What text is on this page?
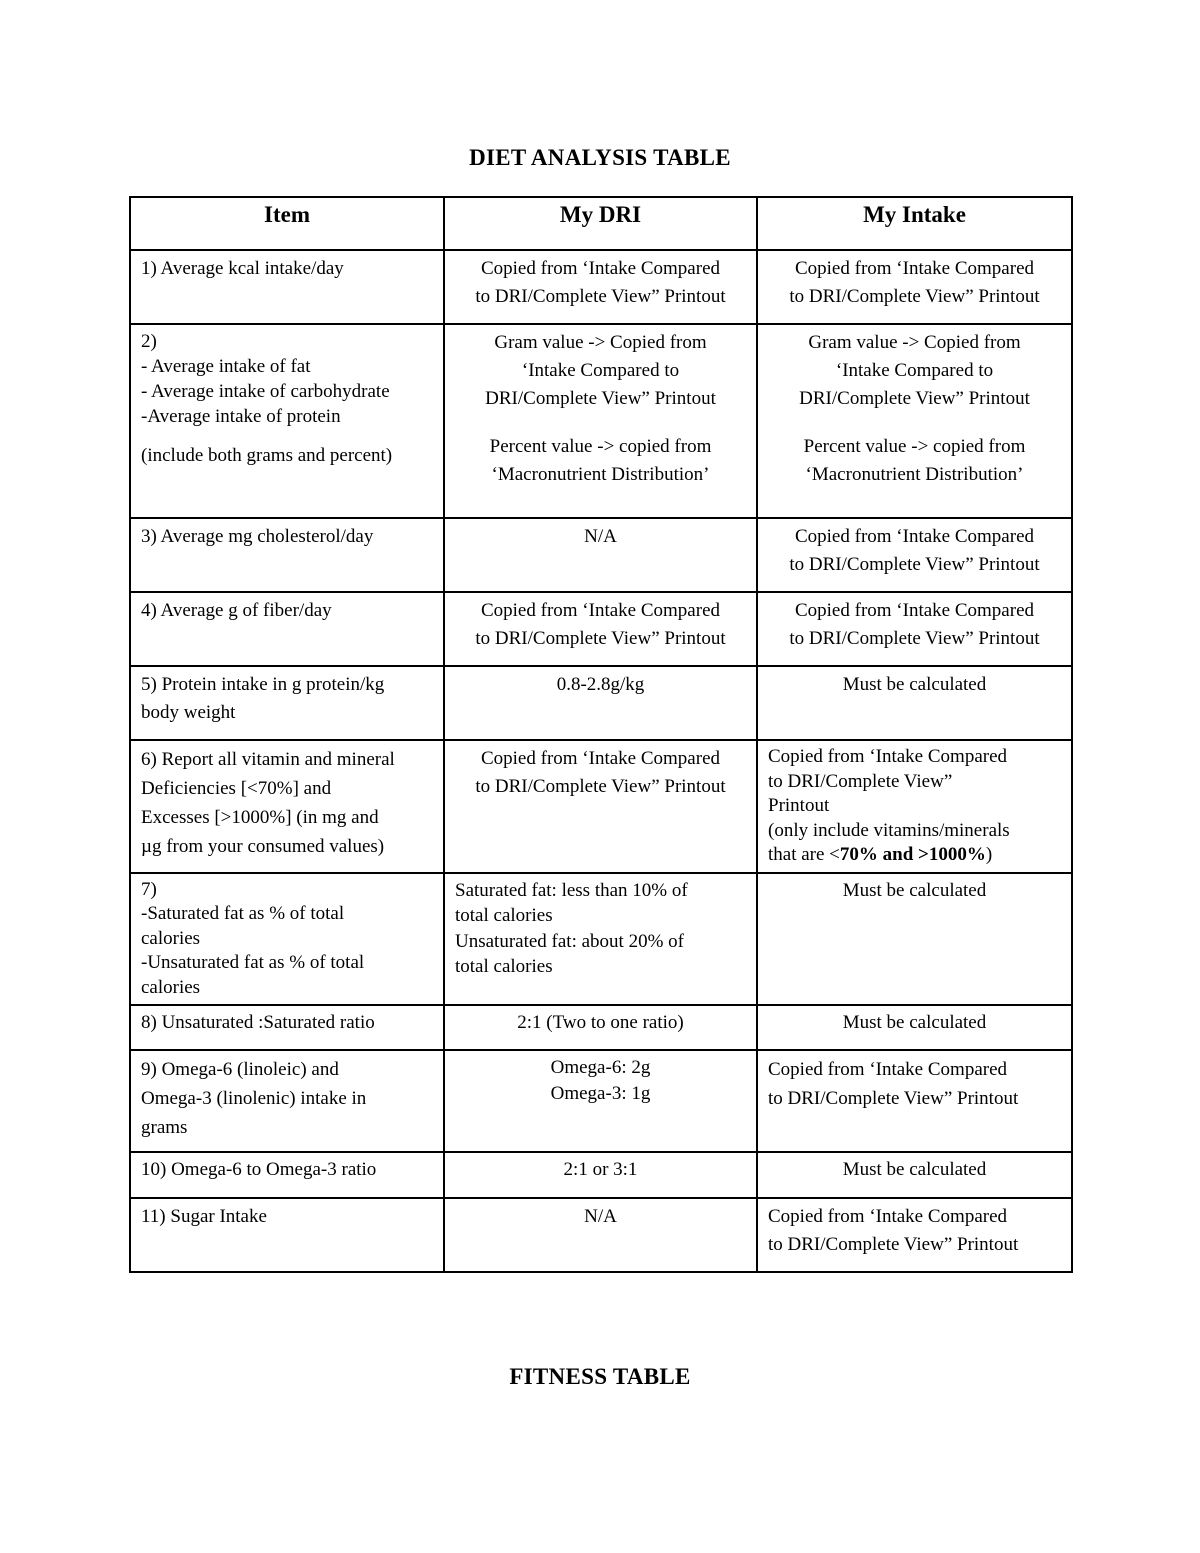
DIET ANALYSIS TABLE
Item	My DRI	My Intake
1) Average kcal intake/day	Copied from ‘Intake Compared
to DRI/Complete View” Printout	Copied from ‘Intake Compared
to DRI/Complete View” Printout

2)
- Average intake of fat
- Average intake of carbohydrate
-Average intake of protein
(include both grams and percent)	Gram value -> Copied from
‘Intake Compared to
DRI/Complete View” Printout
Percent value -> copied from
‘Macronutrient Distribution’	Gram value -> Copied from
‘Intake Compared to
DRI/Complete View” Printout
Percent value -> copied from
‘Macronutrient Distribution’

3) Average mg cholesterol/day	N/A	Copied from ‘Intake Compared
to DRI/Complete View” Printout

4) Average g of fiber/day	Copied from ‘Intake Compared
to DRI/Complete View” Printout	Copied from ‘Intake Compared
to DRI/Complete View” Printout

5) Protein intake in g protein/kg
body weight	0.8-2.8g/kg	Must be calculated

6) Report all vitamin and mineral
Deficiencies [<70%] and
Excesses [>1000%] (in mg and
µg from your consumed values)	Copied from ‘Intake Compared
to DRI/Complete View” Printout	Copied from ‘Intake Compared
to DRI/Complete View”
Printout
(only include vitamins/minerals
that are <70% and >1000%)

7)
-Saturated fat as % of total
calories
-Unsaturated fat as % of total
calories	Saturated fat: less than 10% of
total calories
Unsaturated fat: about 20% of
total calories	Must be calculated
8) Unsaturated :Saturated ratio	2:1 (Two to one ratio)	Must be calculated

9) Omega-6 (linoleic) and
Omega-3 (linolenic) intake in
grams	Omega-6: 2g
Omega-3: 1g	Copied from ‘Intake Compared
to DRI/Complete View” Printout

10) Omega-6 to Omega-3 ratio	2:1 or 3:1	Must be calculated
11) Sugar Intake	N/A	Copied from ‘Intake Compared
to DRI/Complete View” Printout
FITNESS TABLE
